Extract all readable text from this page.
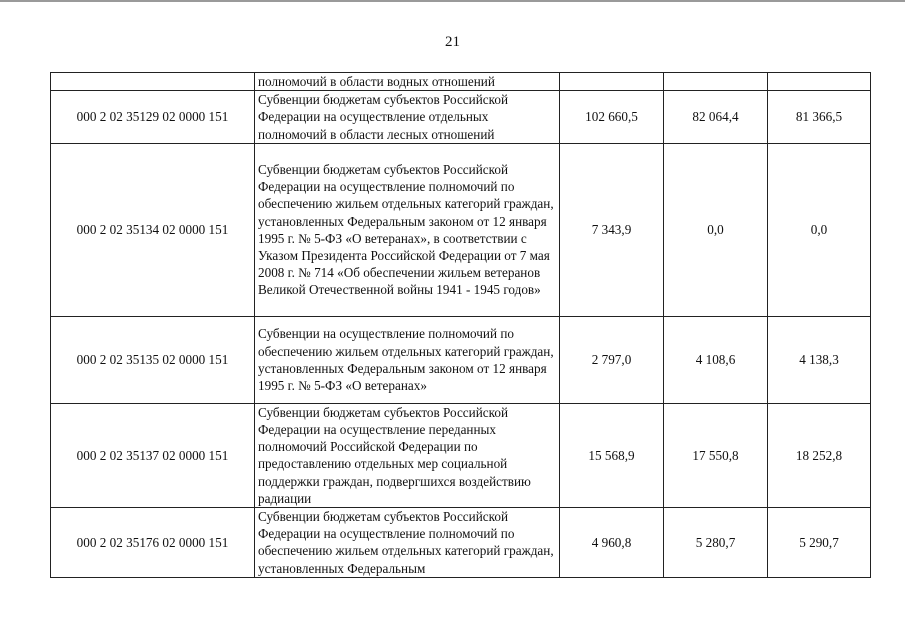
21
	полномочий в области водных отношений			
000 2 02 35129 02 0000 151	Субвенции бюджетам субъектов Российской Федерации на осуществление отдельных полномочий в области лесных отношений	102 660,5	82 064,4	81 366,5
000 2 02 35134 02 0000 151	Субвенции бюджетам субъектов Российской Федерации на осуществление полномочий по обеспечению жильем отдельных категорий граждан, установленных Федеральным законом от 12 января 1995 г. № 5-ФЗ «О ветеранах», в соответствии с Указом Президента Российской Федерации от 7 мая 2008 г. № 714 «Об обеспечении жильем ветеранов Великой Отечественной войны 1941 - 1945 годов»	7 343,9	0,0	0,0
000 2 02 35135 02 0000 151	Субвенции на осуществление полномочий по обеспечению жильем отдельных категорий граждан, установленных Федеральным законом от 12 января 1995 г. № 5-ФЗ «О ветеранах»	2 797,0	4 108,6	4 138,3
000 2 02 35137 02 0000 151	Субвенции бюджетам субъектов Российской Федерации на осуществление переданных полномочий Российской Федерации по предоставлению отдельных мер социальной поддержки граждан, подвергшихся воздействию радиации	15 568,9	17 550,8	18 252,8
000 2 02 35176 02 0000 151	Субвенции бюджетам субъектов Российской Федерации на осуществление полномочий по обеспечению жильем отдельных категорий граждан, установленных Федеральным	4 960,8	5 280,7	5 290,7
